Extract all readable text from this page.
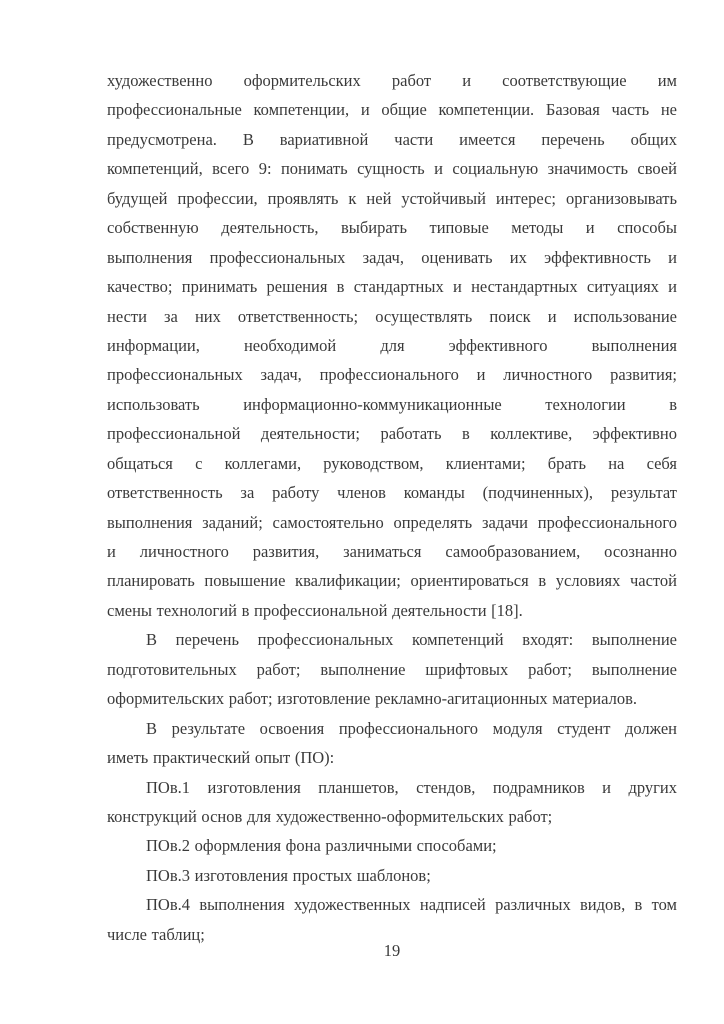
художественно оформительских работ и соответствующие им
профессиональные компетенции, и общие компетенции. Базовая часть не
предусмотрена. В вариативной части имеется перечень общих
компетенций, всего 9: понимать сущность и социальную значимость своей
будущей профессии, проявлять к ней устойчивый интерес; организовывать
собственную деятельность, выбирать типовые методы и способы
выполнения профессиональных задач, оценивать их эффективность и
качество; принимать решения в стандартных и нестандартных ситуациях и
нести за них ответственность; осуществлять поиск и использование
информации, необходимой для эффективного выполнения
профессиональных задач, профессионального и личностного развития;
использовать информационно-коммуникационные технологии в
профессиональной деятельности; работать в коллективе, эффективно
общаться с коллегами, руководством, клиентами; брать на себя
ответственность за работу членов команды (подчиненных), результат
выполнения заданий; самостоятельно определять задачи профессионального
и личностного развития, заниматься самообразованием, осознанно
планировать повышение квалификации; ориентироваться в условиях частой
смены технологий в профессиональной деятельности [18].
В перечень профессиональных компетенций входят: выполнение
подготовительных работ; выполнение шрифтовых работ; выполнение
оформительских работ; изготовление рекламно-агитационных материалов.
В результате освоения профессионального модуля студент должен
иметь практический опыт (ПО):
ПОв.1 изготовления планшетов, стендов, подрамников и других
конструкций основ для художественно-оформительских работ;
ПОв.2 оформления фона различными способами;
ПОв.3 изготовления простых шаблонов;
ПОв.4 выполнения художественных надписей различных видов, в том
числе таблиц;
19
